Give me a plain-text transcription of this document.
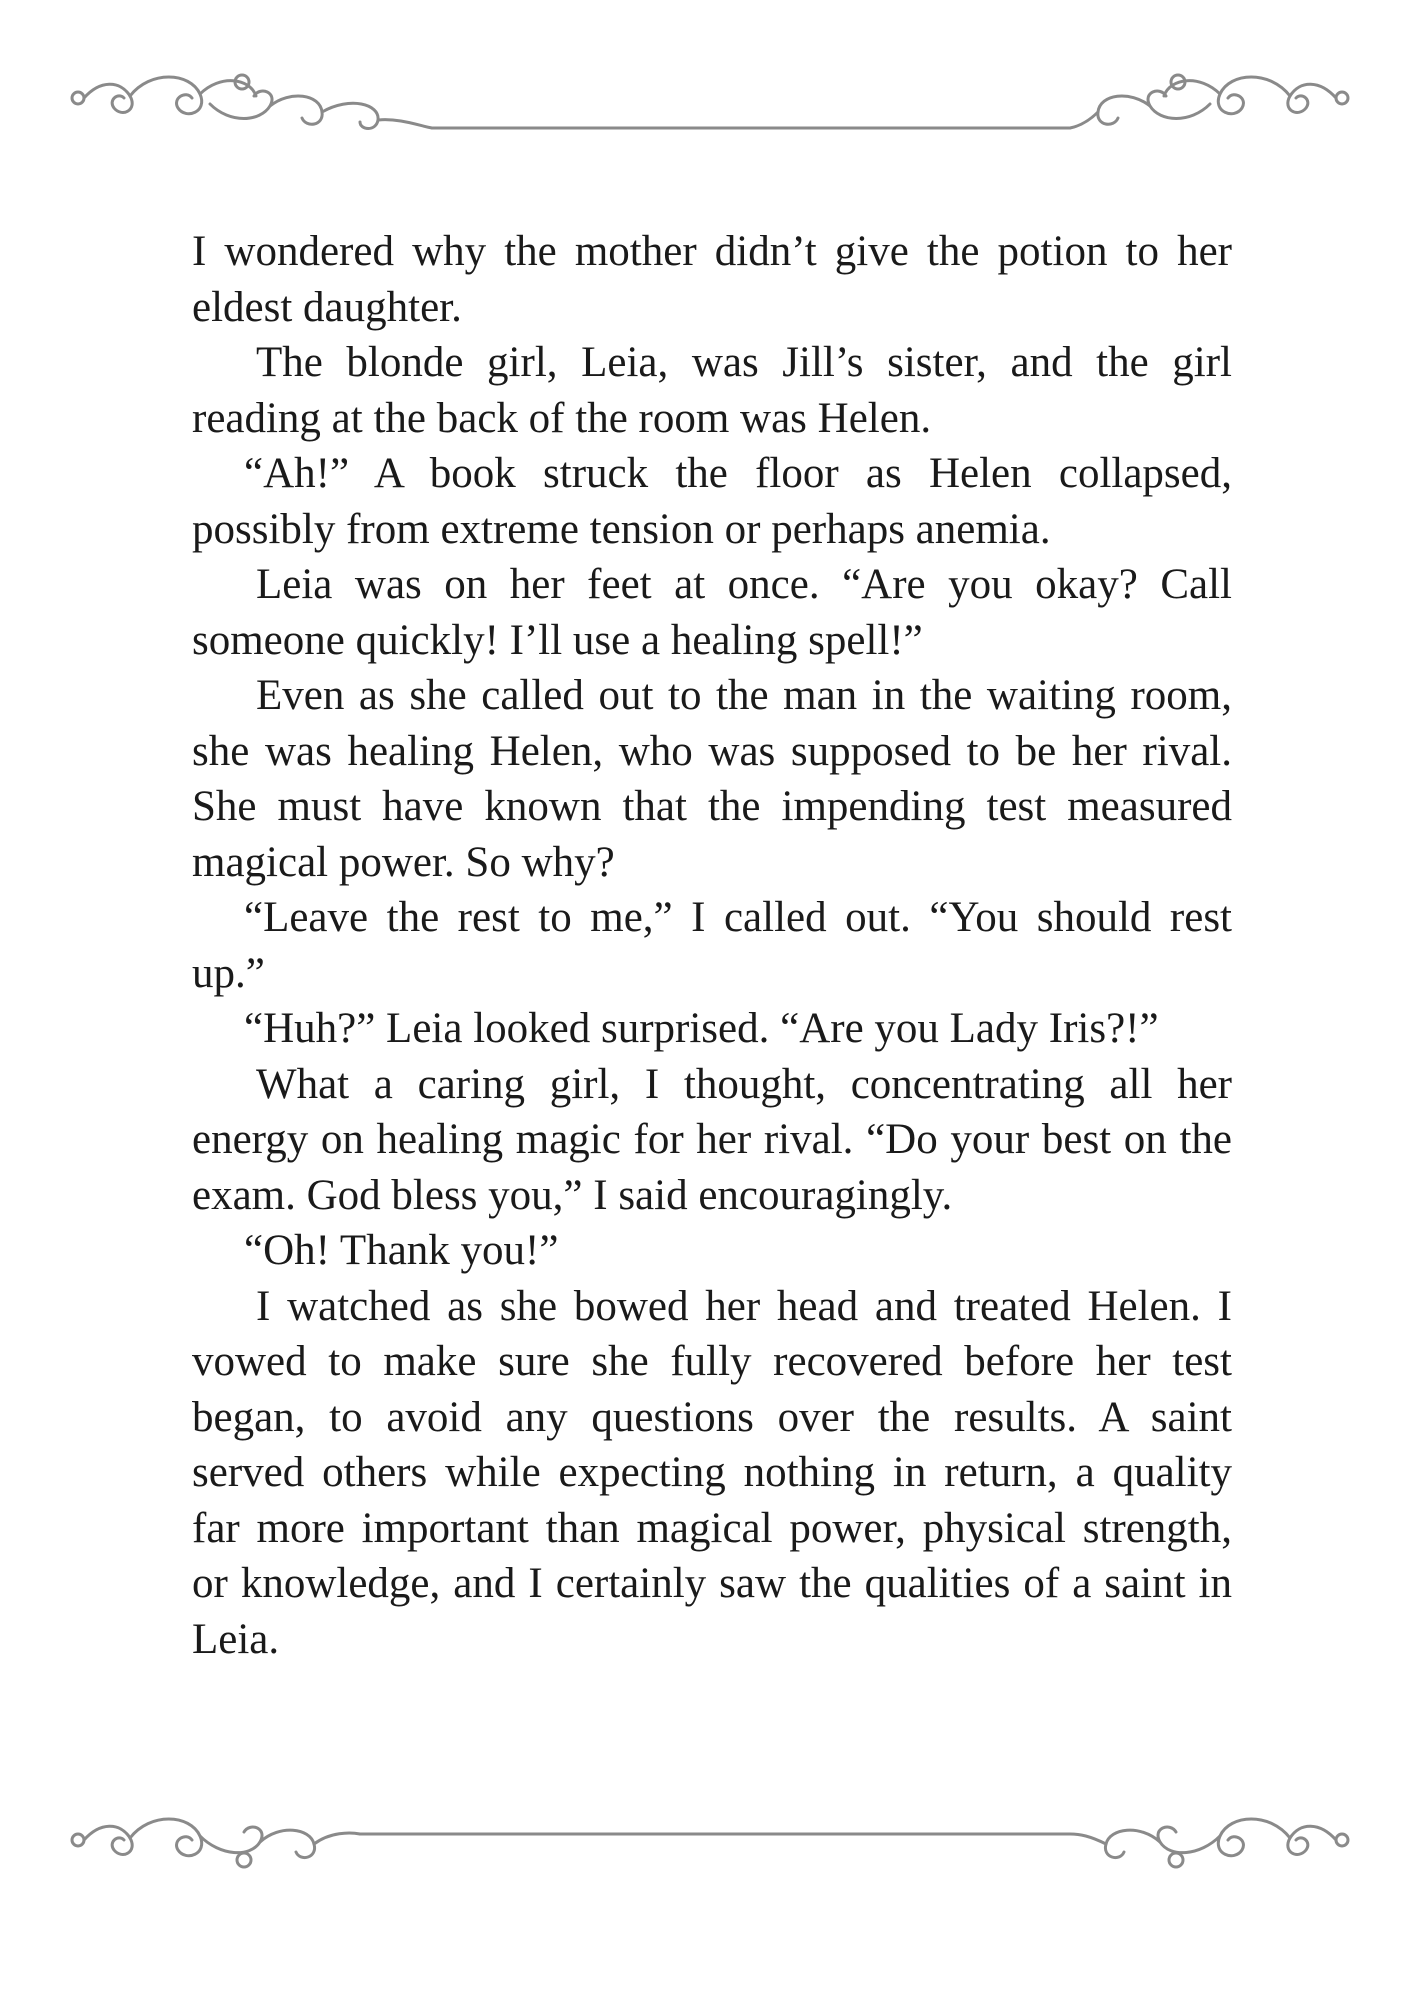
I wondered why the mother didn’t give the potion to her eldest daughter.

The blonde girl, Leia, was Jill’s sister, and the girl reading at the back of the room was Helen.

“Ah!” A book struck the floor as Helen collapsed, possibly from extreme tension or perhaps anemia.

Leia was on her feet at once. “Are you okay? Call someone quickly! I’ll use a healing spell!”

Even as she called out to the man in the waiting room, she was healing Helen, who was supposed to be her rival. She must have known that the impending test measured magical power. So why?

“Leave the rest to me,” I called out. “You should rest up.”

“Huh?” Leia looked surprised. “Are you Lady Iris?!”

What a caring girl, I thought, concentrating all her energy on healing magic for her rival. “Do your best on the exam. God bless you,” I said encouragingly.

“Oh! Thank you!”

I watched as she bowed her head and treated Helen. I vowed to make sure she fully recovered before her test began, to avoid any questions over the results. A saint served others while expecting nothing in return, a quality far more important than magical power, physical strength, or knowledge, and I certainly saw the qualities of a saint in Leia.
